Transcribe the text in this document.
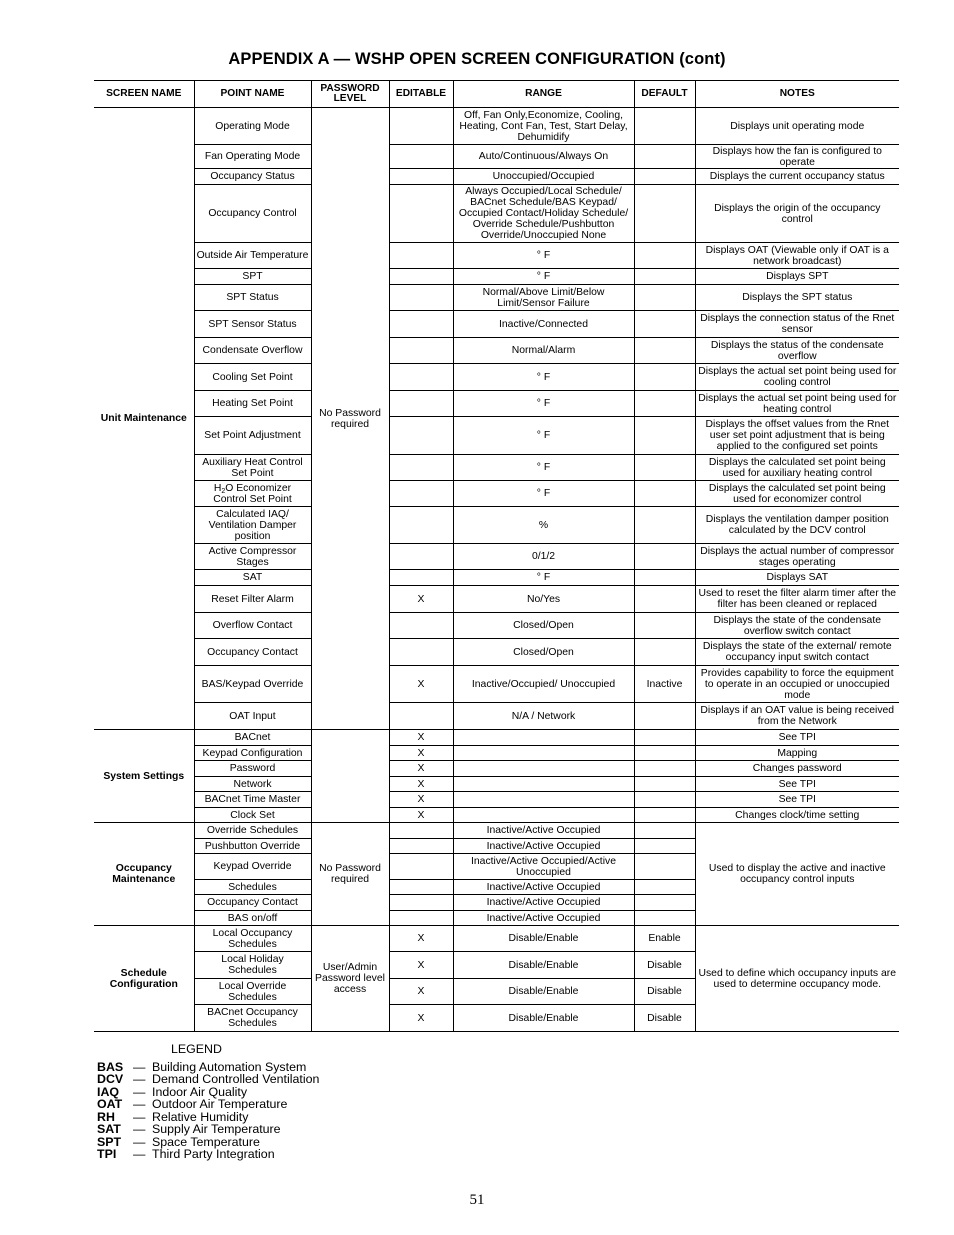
APPENDIX A — WSHP OPEN SCREEN CONFIGURATION (cont)
SCREEN NAME	POINT NAME	PASSWORD LEVEL	EDITABLE	RANGE	DEFAULT	NOTES
Unit Maintenance	Operating Mode	No Password required		Off, Fan Only,Economize, Cooling, Heating, Cont Fan, Test, Start Delay, Dehumidify		Displays unit operating mode
	Fan Operating Mode			Auto/Continuous/Always On		Displays how the fan is configured to operate
	Occupancy Status			Unoccupied/Occupied		Displays the current occupancy status
	Occupancy Control			Always Occupied/Local Schedule/ BACnet Schedule/BAS Keypad/ Occupied Contact/Holiday Schedule/ Override Schedule/Pushbutton Override/Unoccupied None		Displays the origin of the occupancy control
	Outside Air Temperature			° F		Displays OAT (Viewable only if OAT is a network broadcast)
	SPT			° F		Displays SPT
	SPT Status			Normal/Above Limit/Below Limit/Sensor Failure		Displays the SPT status
	SPT Sensor Status			Inactive/Connected		Displays the connection status of the Rnet sensor
	Condensate Overflow			Normal/Alarm		Displays the status of the condensate overflow
	Cooling Set Point			° F		Displays the actual set point being used for cooling control
	Heating Set Point			° F		Displays the actual set point being used for heating control
	Set Point Adjustment			° F		Displays the offset values from the Rnet user set point adjustment that is being applied to the configured set points
	Auxiliary Heat Control Set Point			° F		Displays the calculated set point being used for auxiliary heating control
	$H_2O$ Economizer Control Set Point			° F		Displays the calculated set point being used for economizer control
	Calculated IAQ/ Ventilation Damper position			%		Displays the ventilation damper position calculated by the DCV control
	Active Compressor Stages			0/1/2		Displays the actual number of compressor stages operating
	SAT			° F		Displays SAT
	Reset Filter Alarm		X	No/Yes		Used to reset the filter alarm timer after the filter has been cleaned or replaced
	Overflow Contact			Closed/Open		Displays the state of the condensate overflow switch contact
	Occupancy Contact			Closed/Open		Displays the state of the external/ remote occupancy input switch contact
	BAS/Keypad Override		X	Inactive/Occupied/ Unoccupied	Inactive	Provides capability to force the equipment to operate in an occupied or unoccupied mode
	OAT Input			N/A / Network		Displays if an OAT value is being received from the Network
System Settings	BACnet		X			See TPI
	Keypad Configuration		X			Mapping
	Password		X			Changes password
	Network		X			See TPI
	BACnet Time Master		X			See TPI
	Clock Set		X			Changes clock/time setting
Occupancy Maintenance	Override Schedules	No Password required		Inactive/Active Occupied		Used to display the active and inactive occupancy control inputs
	Pushbutton Override			Inactive/Active Occupied		
	Keypad Override			Inactive/Active Occupied/Active Unoccupied		
	Schedules			Inactive/Active Occupied		
	Occupancy Contact			Inactive/Active Occupied		
	BAS on/off			Inactive/Active Occupied		
Schedule Configuration	Local Occupancy Schedules	User/Admin Password level access	X	Disable/Enable	Enable	Used to define which occupancy inputs are used to determine occupancy mode.
	Local Holiday Schedules		X	Disable/Enable	Disable	
	Local Override Schedules		X	Disable/Enable	Disable	
	BACnet Occupancy Schedules		X	Disable/Enable	Disable	
LEGEND
BAS — Building Automation System
DCV — Demand Controlled Ventilation
IAQ	— Indoor Air Quality
OAT — Outdoor Air Temperature
RH	— Relative Humidity
SAT — Supply Air Temperature
SPT — Space Temperature
TPI	— Third Party Integration
51
